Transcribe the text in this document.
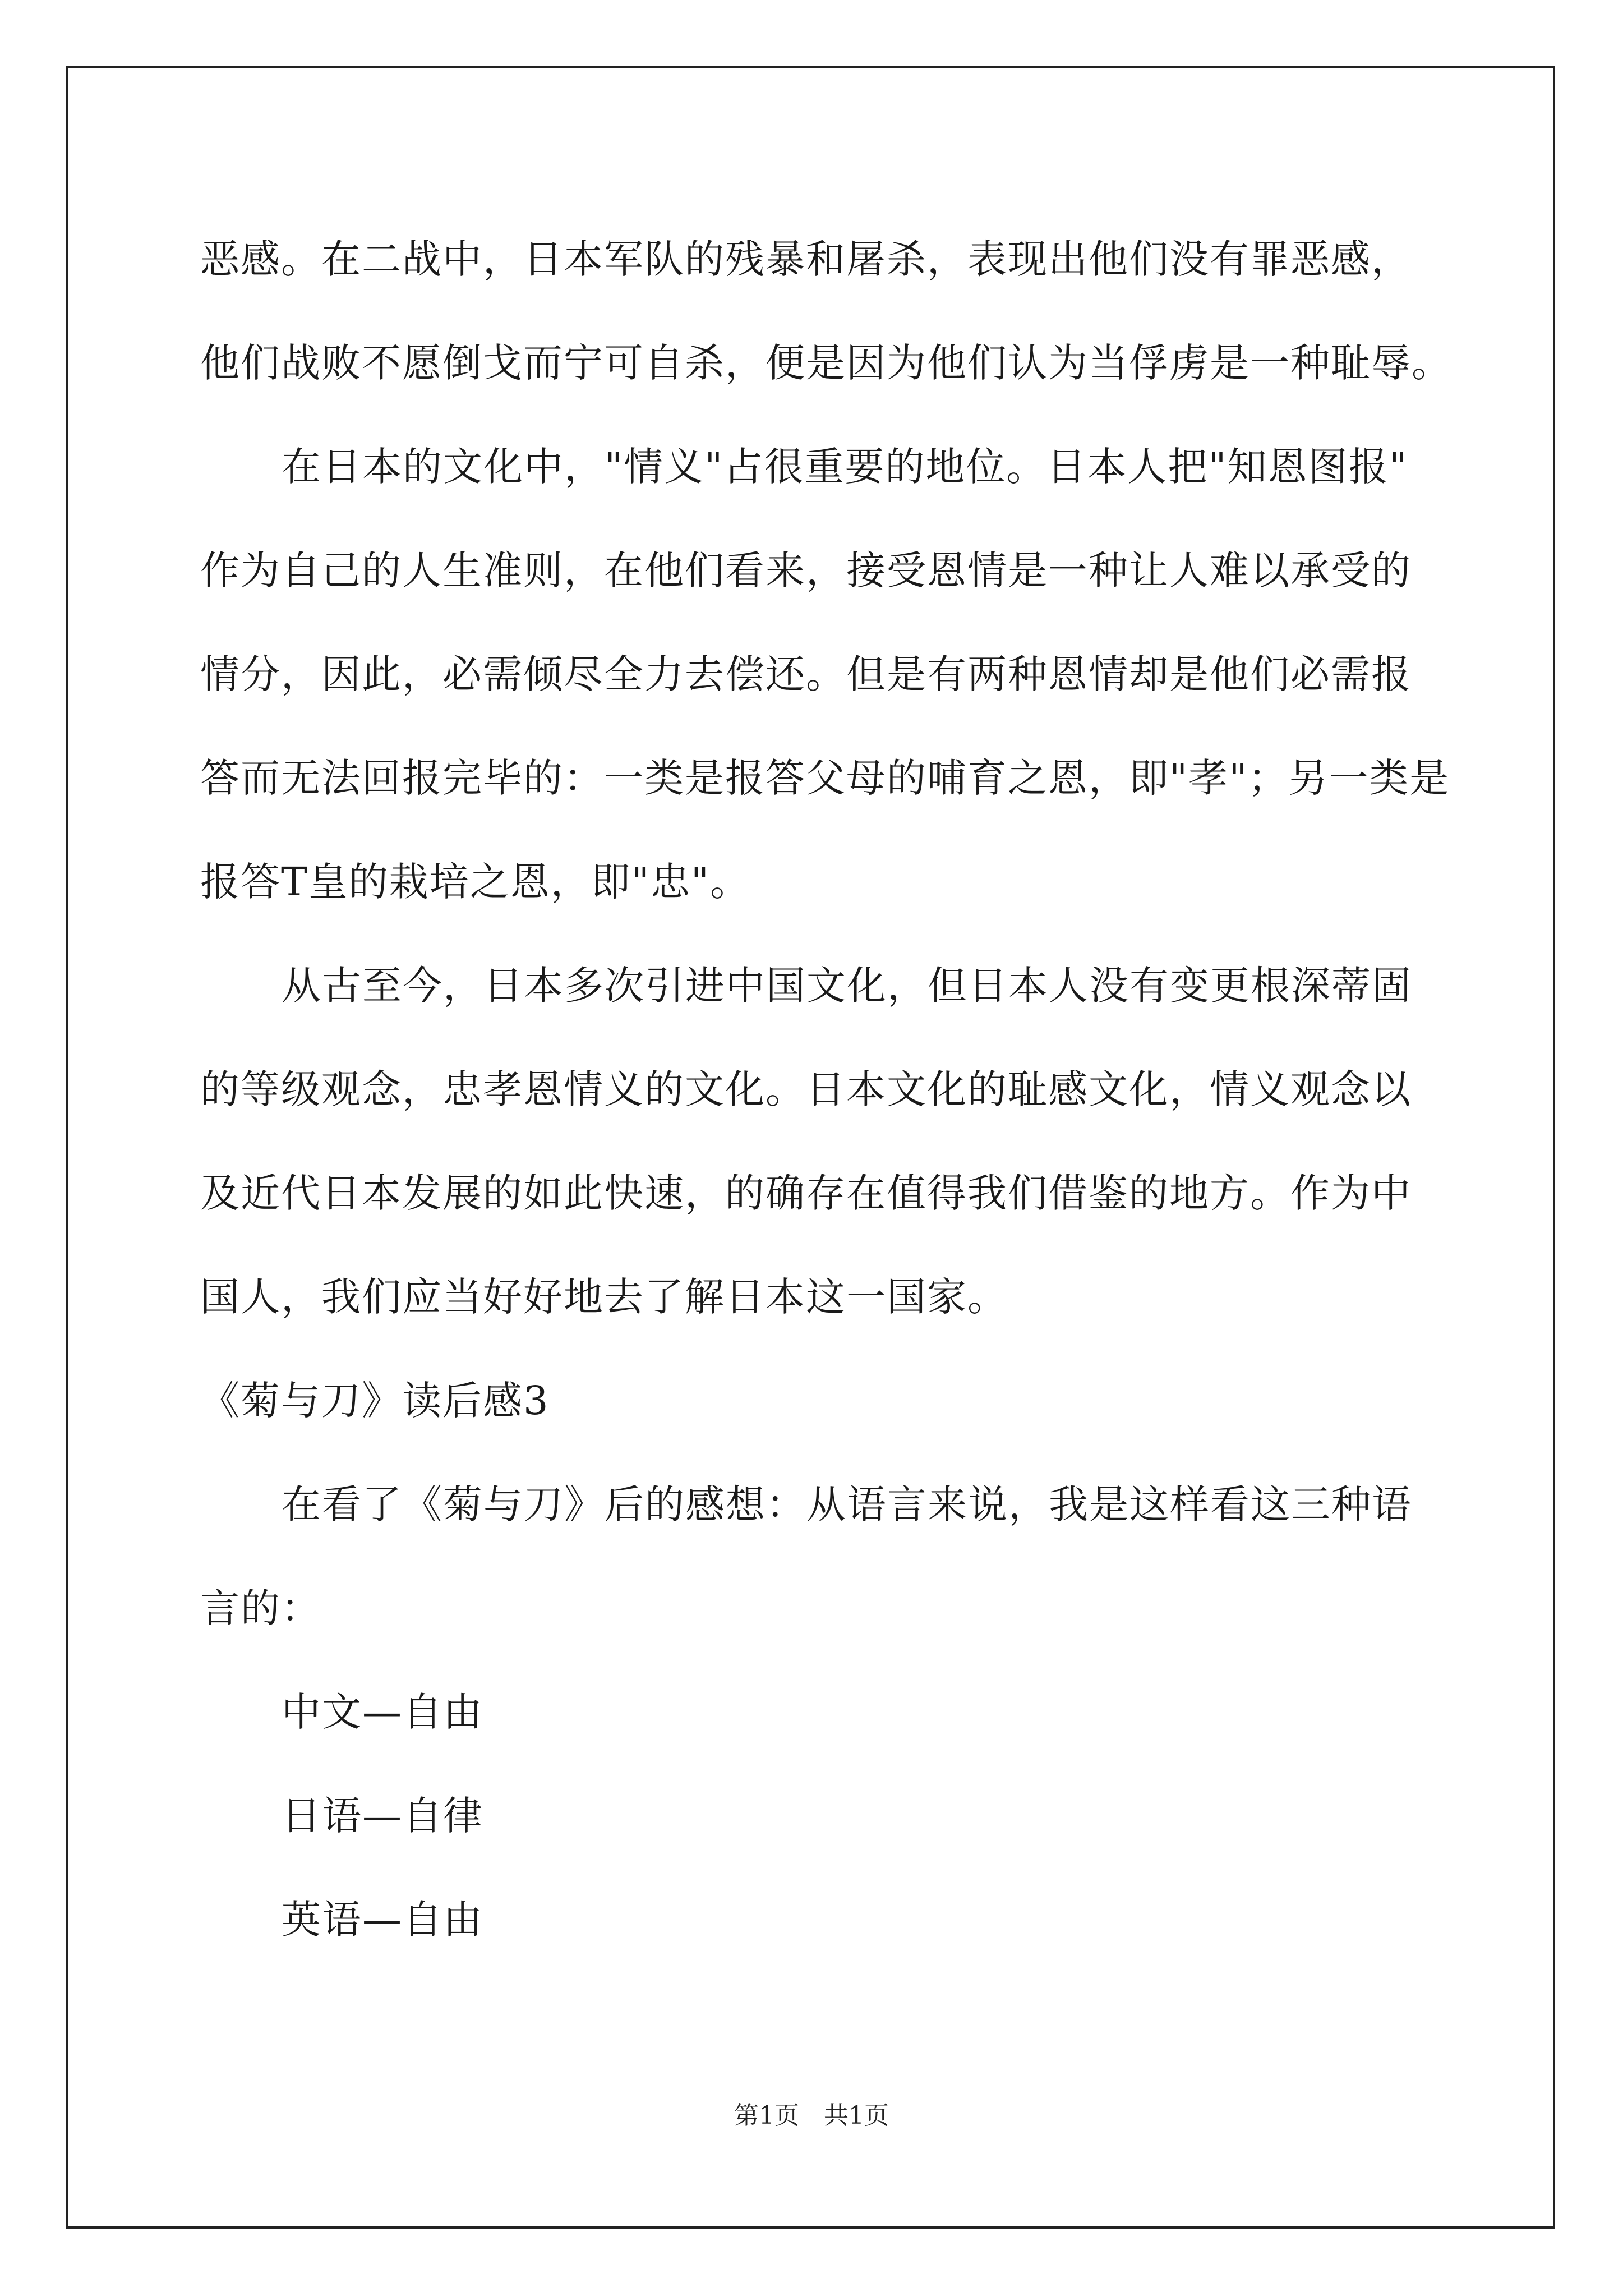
恶感。在二战中，日本军队的残暴和屠杀，表现出他们没有罪恶感，
他们战败不愿倒戈而宁可自杀，便是因为他们认为当俘虏是一种耻辱。
在日本的文化中，"情义"占很重要的地位。日本人把"知恩图报"
作为自己的人生准则，在他们看来，接受恩情是一种让人难以承受的
情分，因此，必需倾尽全力去偿还。但是有两种恩情却是他们必需报
答而无法回报完毕的：一类是报答父母的哺育之恩，即"孝"；另一类是
报答T皇的栽培之恩，即"忠"。
从古至今，日本多次引进中国文化，但日本人没有变更根深蒂固
的等级观念，忠孝恩情义的文化。日本文化的耻感文化，情义观念以
及近代日本发展的如此快速，的确存在值得我们借鉴的地方。作为中
国人，我们应当好好地去了解日本这一国家。
《菊与刀》读后感3
在看了《菊与刀》后的感想：从语言来说，我是这样看这三种语
言的：
中文—自由
日语—自律
英语—自由
第1页　共1页
